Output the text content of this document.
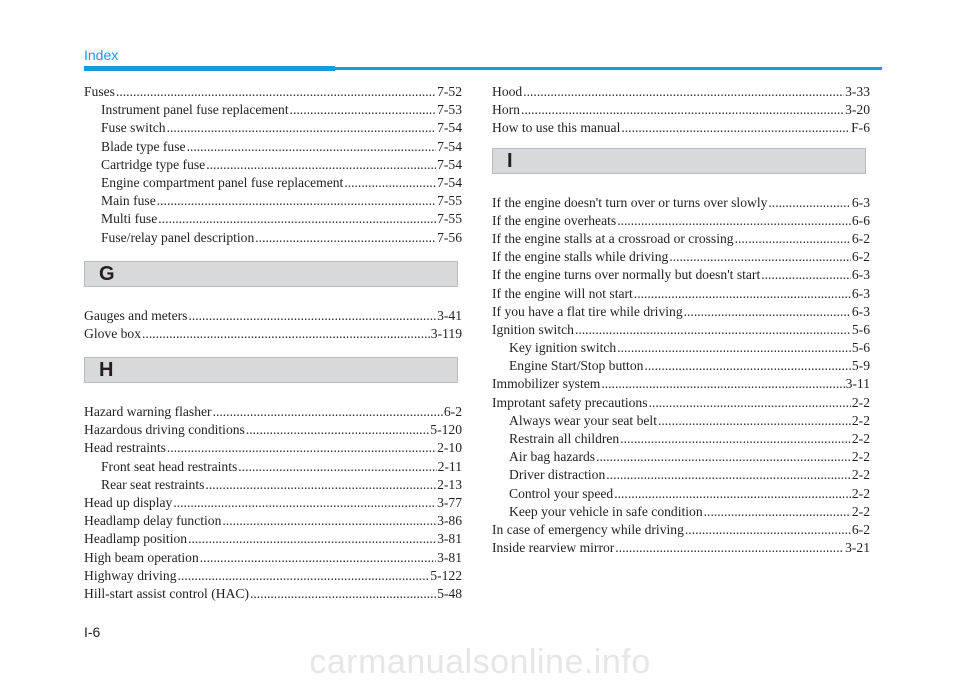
Index
Fuses .....	7-52
Instrument panel fuse replacement .....	7-53
Fuse switch .....	7-54
Blade type fuse .....	7-54
Cartridge type fuse .....	7-54
Engine compartment panel fuse replacement .....	7-54
Main fuse .....	7-55
Multi fuse .....	7-55
Fuse/relay panel description .....	7-56
G
Gauges and meters .....	3-41
Glove box .....	3-119
H
Hazard warning flasher .....	6-2
Hazardous driving conditions .....	5-120
Head restraints .....	2-10
Front seat head restraints .....	2-11
Rear seat restraints .....	2-13
Head up display .....	3-77
Headlamp delay function .....	3-86
Headlamp position .....	3-81
High beam operation .....	3-81
Highway driving .....	5-122
Hill-start assist control (HAC) .....	5-48
Hood .....	3-33
Horn .....	3-20
How to use this manual .....	F-6
I
If the engine doesn't turn over or turns over slowly .....	6-3
If the engine overheats .....	6-6
If the engine stalls at a crossroad or crossing .....	6-2
If the engine stalls while driving .....	6-2
If the engine turns over normally but doesn't start .....	6-3
If the engine will not start .....	6-3
If you have a flat tire while driving .....	6-3
Ignition switch .....	5-6
Key ignition switch .....	5-6
Engine Start/Stop button .....	5-9
Immobilizer system .....	3-11
Improtant safety precautions .....	2-2
Always wear your seat belt .....	2-2
Restrain all children .....	2-2
Air bag hazards .....	2-2
Driver distraction .....	2-2
Control your speed .....	2-2
Keep your vehicle in safe condition .....	2-2
In case of emergency while driving .....	6-2
Inside rearview mirror .....	3-21
I-6
carmanualsonline.info
